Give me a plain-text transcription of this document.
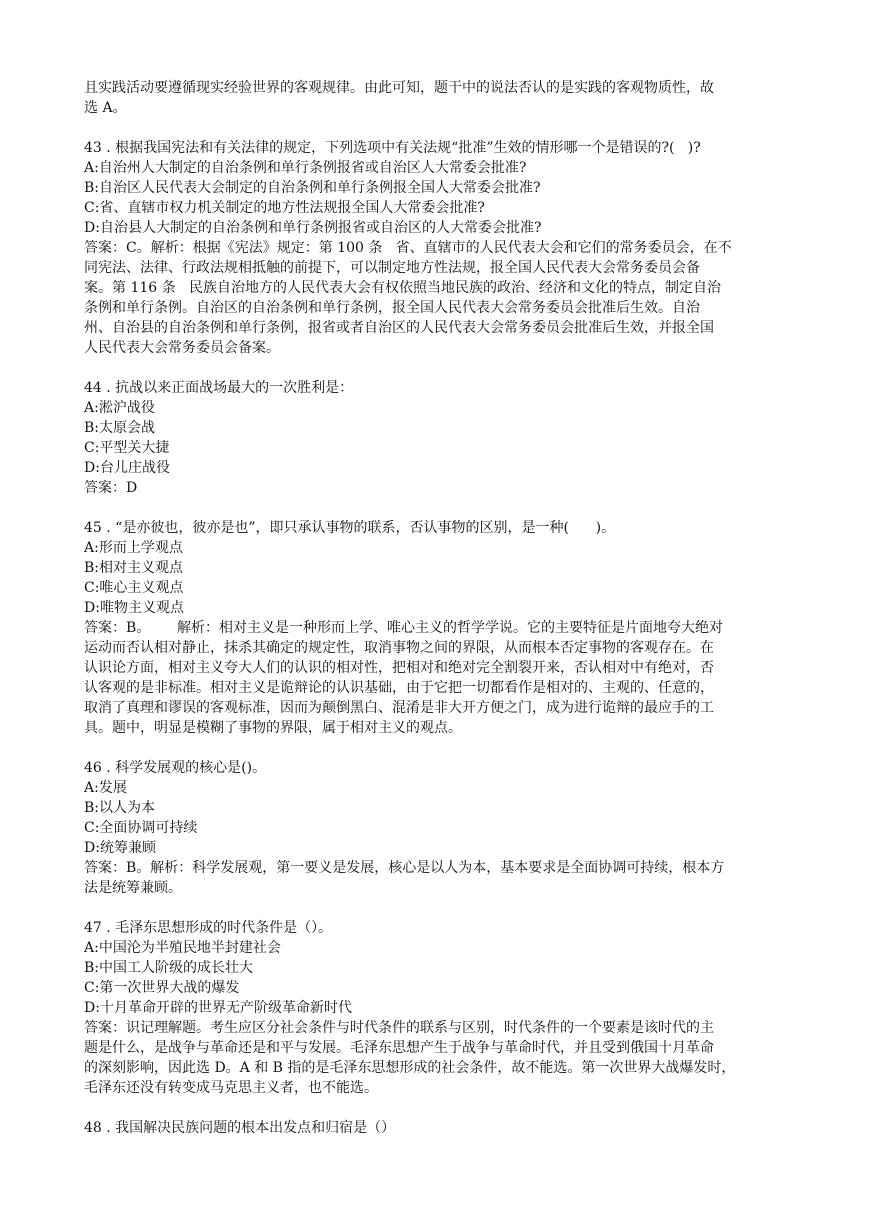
且实践活动要遵循现实经验世界的客观规律。由此可知，题干中的说法否认的是实践的客观物质性，故
选 A。
43 . 根据我国宪法和有关法律的规定，下列选项中有关法规“批准”生效的情形哪一个是错误的?(   )?
A:自治州人大制定的自治条例和单行条例报省或自治区人大常委会批准?
B:自治区人民代表大会制定的自治条例和单行条例报全国人大常委会批准?
C:省、直辖市权力机关制定的地方性法规报全国人大常委会批准?
D:自治县人大制定的自治条例和单行条例报省或自治区的人大常委会批准?
答案：C。解析：根据《宪法》规定：第 100 条   省、直辖市的人民代表大会和它们的常务委员会，在不
同宪法、法律、行政法规相抵触的前提下，可以制定地方性法规，报全国人民代表大会常务委员会备
案。第 116 条   民族自治地方的人民代表大会有权依照当地民族的政治、经济和文化的特点，制定自治
条例和单行条例。自治区的自治条例和单行条例，报全国人民代表大会常务委员会批准后生效。自治
州、自治县的自治条例和单行条例，报省或者自治区的人民代表大会常务委员会批准后生效，并报全国
人民代表大会常务委员会备案。
44 . 抗战以来正面战场最大的一次胜利是：
A:淞沪战役
B:太原会战
C:平型关大捷
D:台儿庄战役
答案：D
45 . “是亦彼也，彼亦是也”，即只承认事物的联系，否认事物的区别，是一种(      )。
A:形而上学观点
B:相对主义观点
C:唯心主义观点
D:唯物主义观点
答案：B。      解析：相对主义是一种形而上学、唯心主义的哲学学说。它的主要特征是片面地夸大绝对
运动而否认相对静止，抹杀其确定的规定性，取消事物之间的界限，从而根本否定事物的客观存在。在
认识论方面，相对主义夸大人们的认识的相对性，把相对和绝对完全割裂开来，否认相对中有绝对，否
认客观的是非标准。相对主义是诡辩论的认识基础，由于它把一切都看作是相对的、主观的、任意的，
取消了真理和谬误的客观标准，因而为颠倒黑白、混淆是非大开方便之门，成为进行诡辩的最应手的工
具。题中，明显是模糊了事物的界限，属于相对主义的观点。
46 . 科学发展观的核心是()。
A:发展
B:以人为本
C:全面协调可持续
D:统筹兼顾
答案：B。解析：科学发展观，第一要义是发展，核心是以人为本，基本要求是全面协调可持续，根本方
法是统筹兼顾。
47 . 毛泽东思想形成的时代条件是（）。
A:中国沦为半殖民地半封建社会
B:中国工人阶级的成长壮大
C:第一次世界大战的爆发
D:十月革命开辟的世界无产阶级革命新时代
答案：识记理解题。考生应区分社会条件与时代条件的联系与区别，时代条件的一个要素是该时代的主
题是什么，是战争与革命还是和平与发展。毛泽东思想产生于战争与革命时代，并且受到俄国十月革命
的深刻影响，因此选 D。A 和 B 指的是毛泽东思想形成的社会条件，故不能选。第一次世界大战爆发时，
毛泽东还没有转变成马克思主义者，也不能选。
48 . 我国解决民族问题的根本出发点和归宿是（）
